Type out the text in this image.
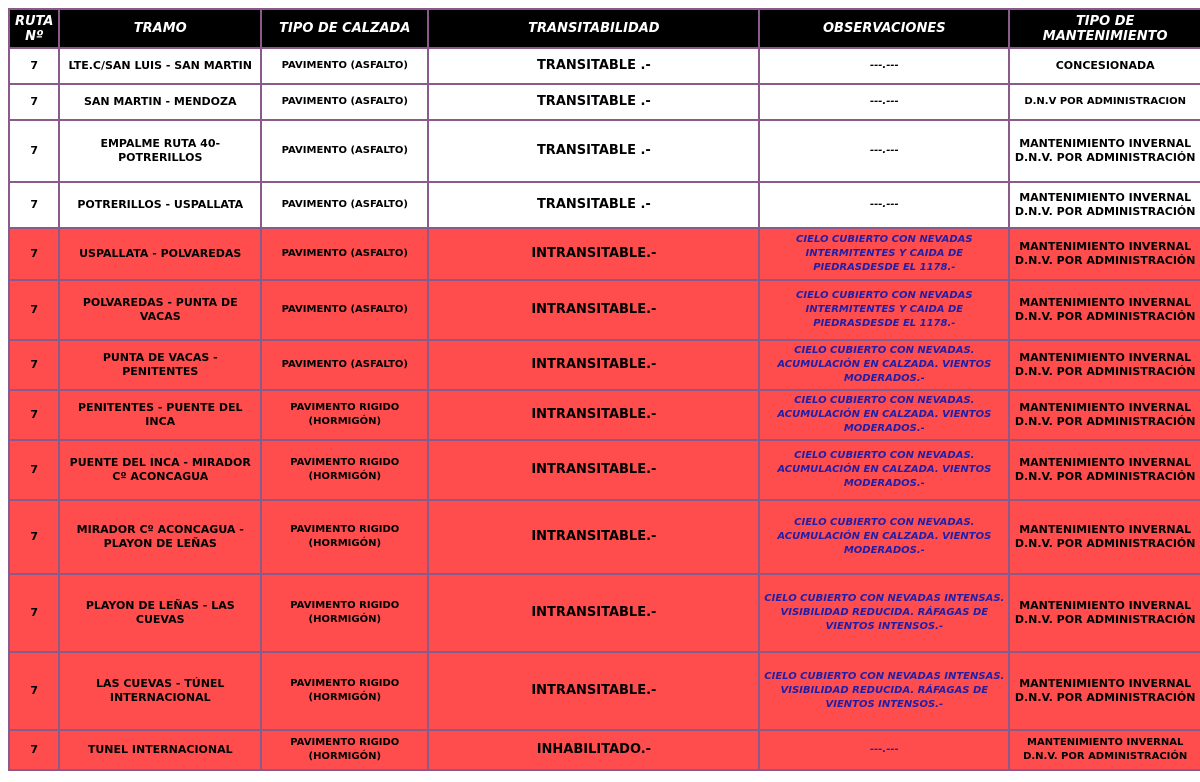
RUTA Nº	TRAMO	TIPO DE CALZADA	TRANSITABILIDAD	OBSERVACIONES	TIPO DE MANTENIMIENTO
7	LTE.C/SAN LUIS - SAN MARTIN	PAVIMENTO (ASFALTO)	TRANSITABLE .-	---.---	CONCESIONADA
7	SAN MARTIN - MENDOZA	PAVIMENTO (ASFALTO)	TRANSITABLE .-	---.---	D.N.V POR ADMINISTRACION
7	EMPALME RUTA 40-POTRERILLOS	PAVIMENTO (ASFALTO)	TRANSITABLE .-	---.---	MANTENIMIENTO INVERNAL D.N.V. POR ADMINISTRACIÓN
7	POTRERILLOS - USPALLATA	PAVIMENTO (ASFALTO)	TRANSITABLE .-	---.---	MANTENIMIENTO INVERNAL D.N.V. POR ADMINISTRACIÓN
7	USPALLATA - POLVAREDAS	PAVIMENTO (ASFALTO)	INTRANSITABLE.-	CIELO CUBIERTO CON NEVADAS INTERMITENTES Y CAIDA DE PIEDRASDESDE EL 1178.-	MANTENIMIENTO INVERNAL D.N.V. POR ADMINISTRACIÓN
7	POLVAREDAS - PUNTA DE VACAS	PAVIMENTO (ASFALTO)	INTRANSITABLE.-	CIELO CUBIERTO CON NEVADAS INTERMITENTES Y CAIDA DE PIEDRASDESDE EL 1178.-	MANTENIMIENTO INVERNAL D.N.V. POR ADMINISTRACIÓN
7	PUNTA DE VACAS - PENITENTES	PAVIMENTO (ASFALTO)	INTRANSITABLE.-	CIELO CUBIERTO CON NEVADAS. ACUMULACIÓN EN CALZADA. VIENTOS MODERADOS.-	MANTENIMIENTO INVERNAL D.N.V. POR ADMINISTRACIÓN
7	PENITENTES - PUENTE DEL INCA	PAVIMENTO RIGIDO (HORMIGÓN)	INTRANSITABLE.-	CIELO CUBIERTO CON NEVADAS. ACUMULACIÓN EN CALZADA. VIENTOS MODERADOS.-	MANTENIMIENTO INVERNAL D.N.V. POR ADMINISTRACIÓN
7	PUENTE DEL INCA - MIRADOR Cº ACONCAGUA	PAVIMENTO RIGIDO (HORMIGÓN)	INTRANSITABLE.-	CIELO CUBIERTO CON NEVADAS. ACUMULACIÓN EN CALZADA. VIENTOS MODERADOS.-	MANTENIMIENTO INVERNAL D.N.V. POR ADMINISTRACIÓN
7	MIRADOR Cº ACONCAGUA - PLAYON DE LEÑAS	PAVIMENTO RIGIDO (HORMIGÓN)	INTRANSITABLE.-	CIELO CUBIERTO CON NEVADAS. ACUMULACIÓN EN CALZADA. VIENTOS MODERADOS.-	MANTENIMIENTO INVERNAL D.N.V. POR ADMINISTRACIÓN
7	PLAYON DE LEÑAS - LAS CUEVAS	PAVIMENTO RIGIDO (HORMIGÓN)	INTRANSITABLE.-	CIELO CUBIERTO CON NEVADAS INTENSAS. VISIBILIDAD REDUCIDA. RÁFAGAS DE VIENTOS INTENSOS.-	MANTENIMIENTO INVERNAL D.N.V. POR ADMINISTRACIÓN
7	LAS CUEVAS - TÚNEL INTERNACIONAL	PAVIMENTO RIGIDO (HORMIGÓN)	INTRANSITABLE.-	CIELO CUBIERTO CON NEVADAS INTENSAS. VISIBILIDAD REDUCIDA. RÁFAGAS DE VIENTOS INTENSOS.-	MANTENIMIENTO INVERNAL D.N.V. POR ADMINISTRACIÓN
7	TUNEL INTERNACIONAL	PAVIMENTO RIGIDO (HORMIGÓN)	INHABILITADO.-	---.---	MANTENIMIENTO INVERNAL D.N.V. POR ADMINISTRACIÓN
